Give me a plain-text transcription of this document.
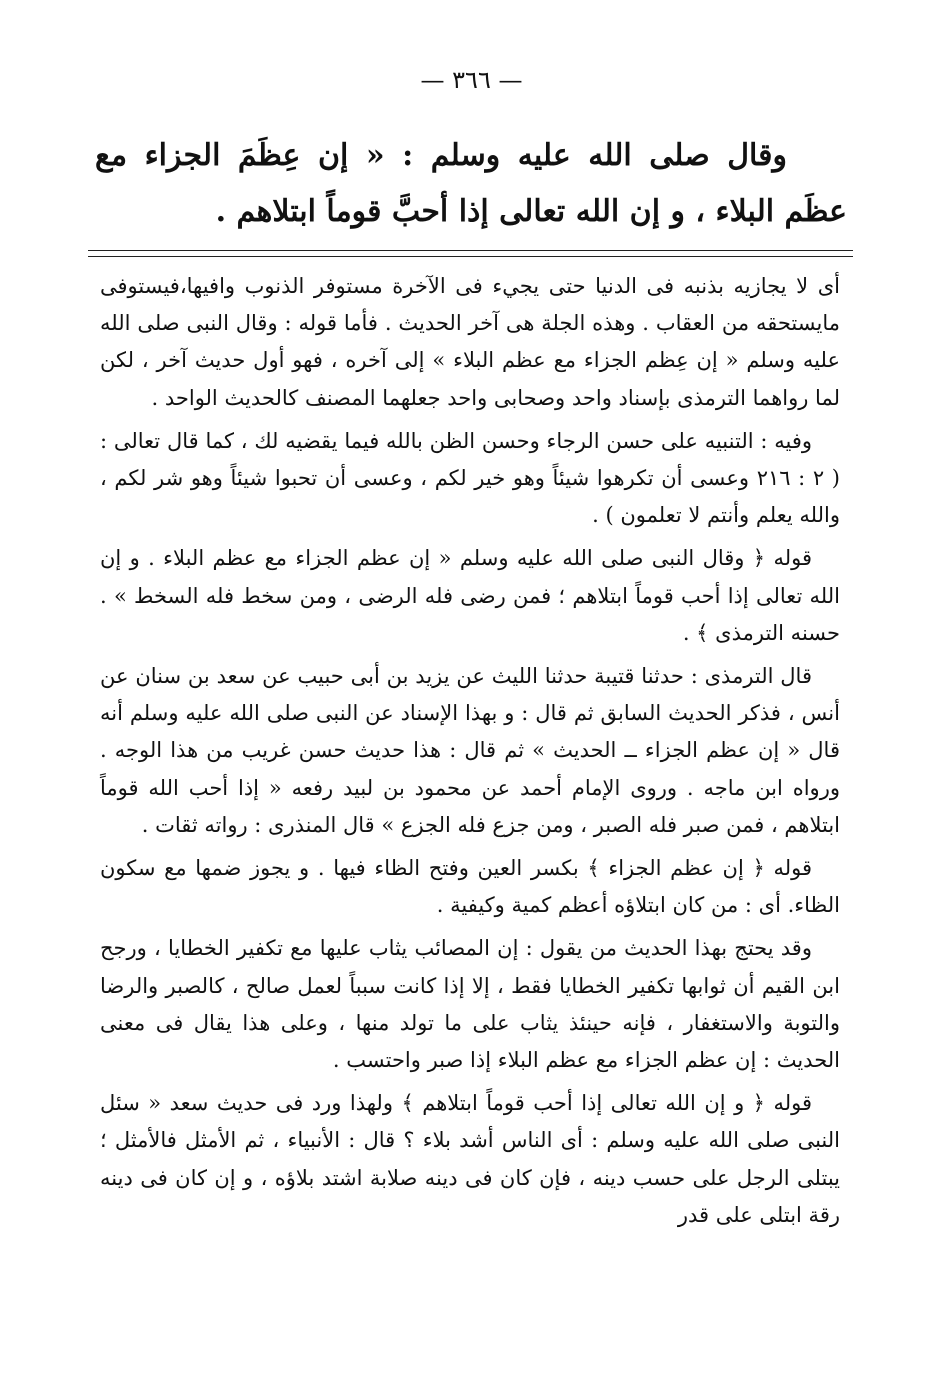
— ٣٦٦ —

وقال صلى الله عليه وسلم : « إن عِظَمَ الجزاء مع عظَم البلاء ، و إن الله تعالى إذا أحبَّ قوماً ابتلاهم .

أى لا يجازيه بذنبه فى الدنيا حتى يجيء فى الآخرة مستوفر الذنوب وافيها،فيستوفى مايستحقه من العقاب . وهذه الجلة هى آخر الحديث . فأما قوله : وقال النبى صلى الله عليه وسلم « إن عِظم الجزاء مع عظم البلاء » إلى آخره ، فهو أول حديث آخر ، لكن لما رواهما الترمذى بإسناد واحد وصحابى واحد جعلهما المصنف كالحديث الواحد .

وفيه : التنبيه على حسن الرجاء وحسن الظن بالله فيما يقضيه لك ، كما قال تعالى : ( ٢ : ٢١٦ وعسى أن تكرهوا شيئاً وهو خير لكم ، وعسى أن تحبوا شيئاً وهو شر لكم ، والله يعلم وأنتم لا تعلمون ) .

قوله ﴿ وقال النبى صلى الله عليه وسلم « إن عظم الجزاء مع عظم البلاء . و إن الله تعالى إذا أحب قوماً ابتلاهم ؛ فمن رضى فله الرضى ، ومن سخط فله السخط » . حسنه الترمذى ﴾ .

قال الترمذى : حدثنا قتيبة حدثنا الليث عن يزيد بن أبى حبيب عن سعد بن سنان عن أنس ، فذكر الحديث السابق ثم قال : و بهذا الإسناد عن النبى صلى الله عليه وسلم أنه قال « إن عظم الجزاء ــ الحديث » ثم قال : هذا حديث حسن غريب من هذا الوجه . ورواه ابن ماجه . وروى الإمام أحمد عن محمود بن لبيد رفعه « إذا أحب الله قوماً ابتلاهم ، فمن صبر فله الصبر ، ومن جزع فله الجزع » قال المنذرى : رواته ثقات .

قوله ﴿ إن عظم الجزاء ﴾ بكسر العين وفتح الظاء فيها . و يجوز ضمها مع سكون الظاء. أى : من كان ابتلاؤه أعظم كمية وكيفية .

وقد يحتج بهذا الحديث من يقول : إن المصائب يثاب عليها مع تكفير الخطايا ، ورجح ابن القيم أن ثوابها تكفير الخطايا فقط ، إلا إذا كانت سبباً لعمل صالح ، كالصبر والرضا والتوبة والاستغفار ، فإنه حينئذ يثاب على ما تولد منها ، وعلى هذا يقال فى معنى الحديث : إن عظم الجزاء مع عظم البلاء إذا صبر واحتسب .

قوله ﴿ و إن الله تعالى إذا أحب قوماً ابتلاهم ﴾ ولهذا ورد فى حديث سعد « سئل النبى صلى الله عليه وسلم : أى الناس أشد بلاء ؟ قال : الأنبياء ، ثم الأمثل فالأمثل ؛ يبتلى الرجل على حسب دينه ، فإن كان فى دينه صلابة اشتد بلاؤه ، و إن كان فى دينه رقة ابتلى على قدر
